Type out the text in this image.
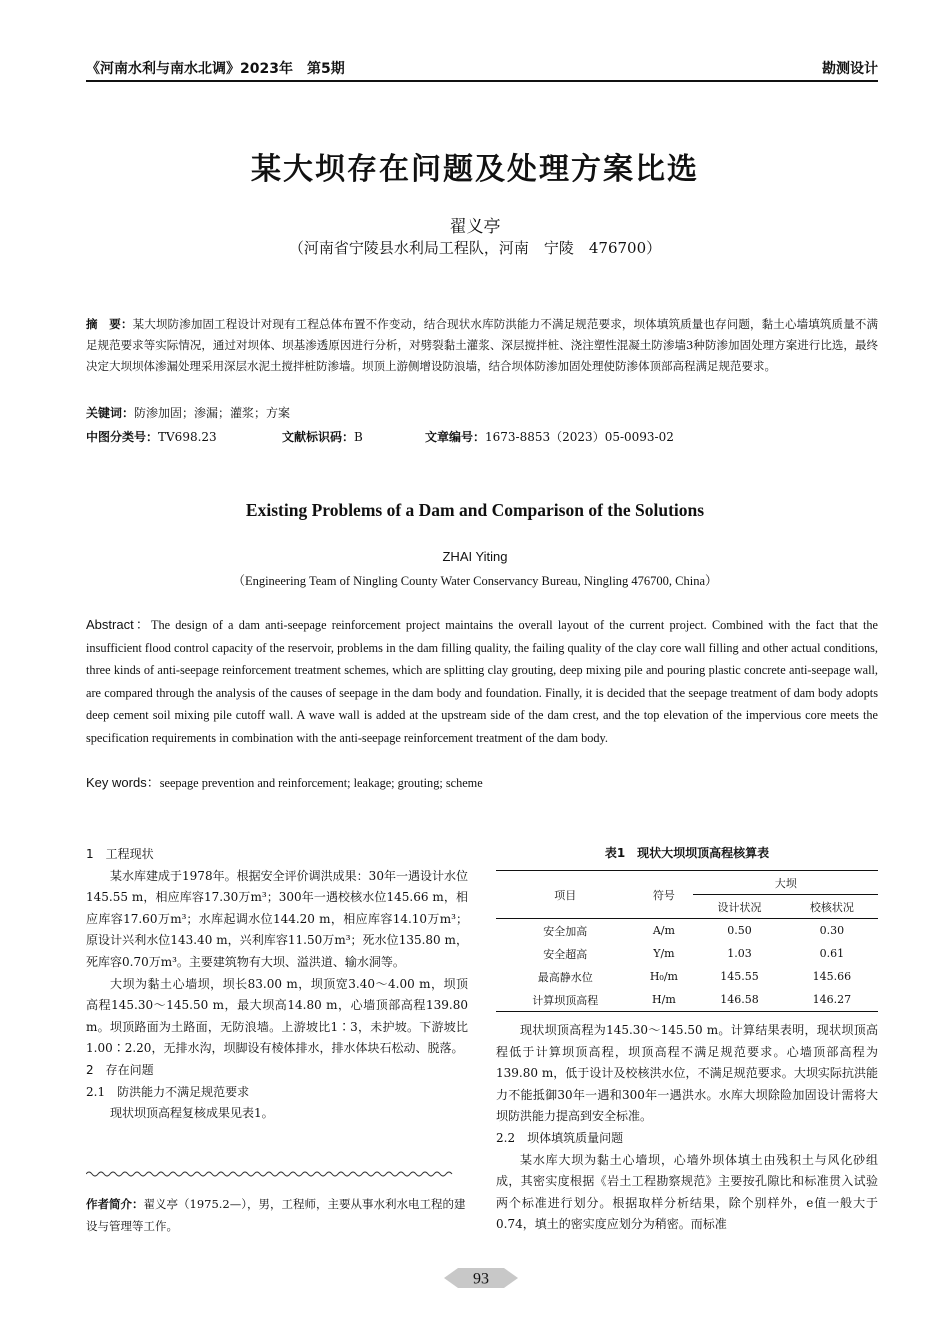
《河南水利与南水北调》2023年　第5期	勘测设计
某大坝存在问题及处理方案比选
翟义亭
（河南省宁陵县水利局工程队，河南　宁陵　476700）
摘　要：某大坝防渗加固工程设计对现有工程总体布置不作变动，结合现状水库防洪能力不满足规范要求，坝体填筑质量也存问题，黏土心墙填筑质量不满足规范要求等实际情况，通过对坝体、坝基渗透原因进行分析，对劈裂黏土灌浆、深层搅拌桩、浇注塑性混凝土防渗墙3种防渗加固处理方案进行比选，最终决定大坝坝体渗漏处理采用深层水泥土搅拌桩防渗墙。坝顶上游侧增设防浪墙，结合坝体防渗加固处理使防渗体顶部高程满足规范要求。
关键词：防渗加固；渗漏；灌浆；方案
中图分类号：TV698.23	文献标识码：B	文章编号：1673-8853（2023）05-0093-02
Existing Problems of a Dam and Comparison of the Solutions
ZHAI Yiting
（Engineering Team of Ningling County Water Conservancy Bureau, Ningling 476700, China）
Abstract：The design of a dam anti-seepage reinforcement project maintains the overall layout of the current project. Combined with the fact that the insufficient flood control capacity of the reservoir, problems in the dam filling quality, the failing quality of the clay core wall filling and other actual conditions, three kinds of anti-seepage reinforcement treatment schemes, which are splitting clay grouting, deep mixing pile and pouring plastic concrete anti-seepage wall, are compared through the analysis of the causes of seepage in the dam body and foundation. Finally, it is decided that the seepage treatment of dam body adopts deep cement soil mixing pile cutoff wall. A wave wall is added at the upstream side of the dam crest, and the top elevation of the impervious core meets the specification requirements in combination with the anti-seepage reinforcement treatment of the dam body.
Key words：seepage prevention and reinforcement; leakage; grouting; scheme
1　工程现状

某水库建成于1978年。根据安全评价调洪成果：30年一遇设计水位145.55 m，相应库容17.30万m³；300年一遇校核水位145.66 m，相应库容17.60万m³；水库起调水位144.20 m，相应库容14.10万m³；原设计兴利水位143.40 m，兴利库容11.50万m³；死水位135.80 m，死库容0.70万m³。主要建筑物有大坝、溢洪道、输水洞等。

大坝为黏土心墙坝，坝长83.00 m，坝顶宽3.40～4.00 m，坝顶高程145.30～145.50 m，最大坝高14.80 m，心墙顶部高程139.80 m。坝顶路面为土路面，无防浪墙。上游坡比1∶3，未护坡。下游坡比1.00∶2.20，无排水沟，坝脚设有棱体排水，排水体块石松动、脱落。

2　存在问题
2.1　防洪能力不满足规范要求

现状坝顶高程复核成果见表1。

作者简介：翟义亭（1975.2—），男，工程师，主要从事水利水电工程的建设与管理等工作。
表1　现状大坝坝顶高程核算表
项目	符号	大坝	
		设计状况	校核状况
安全加高	A/m	0.50	0.30
安全超高	Y/m	1.03	0.61
最高静水位	H₀/m	145.55	145.66
计算坝顶高程	H/m	146.58	146.27

现状坝顶高程为145.30～145.50 m。计算结果表明，现状坝顶高程低于计算坝顶高程，坝顶高程不满足规范要求。心墙顶部高程为139.80 m，低于设计及校核洪水位，不满足规范要求。大坝实际抗洪能力不能抵御30年一遇和300年一遇洪水。水库大坝除险加固设计需将大坝防洪能力提高到安全标准。

2.2　坝体填筑质量问题

某水库大坝为黏土心墙坝，心墙外坝体填土由残积土与风化砂组成，其密实度根据《岩土工程勘察规范》主要按孔隙比和标准贯入试验两个标准进行划分。根据取样分析结果，除个别样外，e值一般大于0.74，填土的密实度应划分为稍密。而标准

93
